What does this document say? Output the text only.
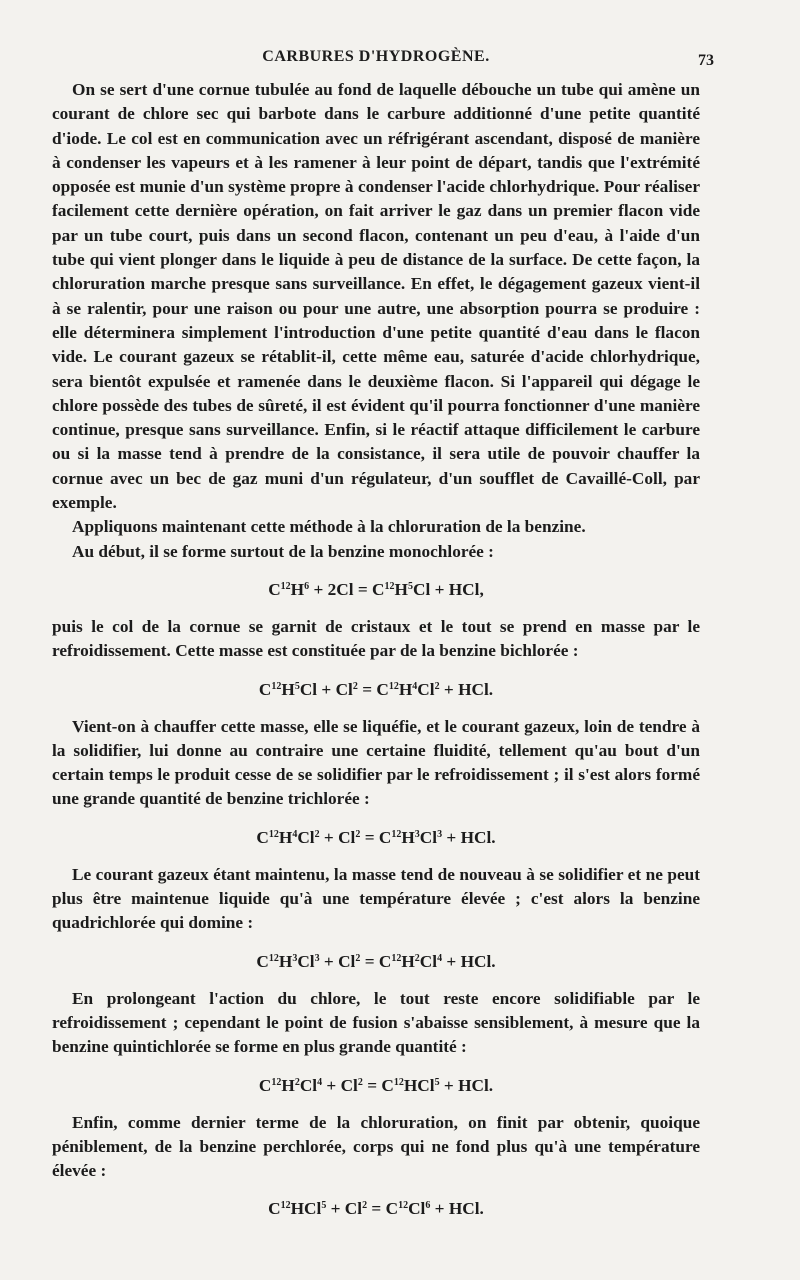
CARBURES D'HYDROGÈNE.	73

On se sert d'une cornue tubulée au fond de laquelle débouche un tube qui amène un courant de chlore sec qui barbote dans le carbure additionné d'une petite quantité d'iode. Le col est en communication avec un réfrigérant ascendant, disposé de manière à condenser les vapeurs et à les ramener à leur point de départ, tandis que l'extrémité opposée est munie d'un système propre à condenser l'acide chlorhydrique. Pour réaliser facilement cette dernière opération, on fait arriver le gaz dans un premier flacon vide par un tube court, puis dans un second flacon, contenant un peu d'eau, à l'aide d'un tube qui vient plonger dans le liquide à peu de distance de la surface. De cette façon, la chloruration marche presque sans surveillance. En effet, le dégagement gazeux vient-il à se ralentir, pour une raison ou pour une autre, une absorption pourra se produire : elle déterminera simplement l'introduction d'une petite quantité d'eau dans le flacon vide. Le courant gazeux se rétablit-il, cette même eau, saturée d'acide chlorhydrique, sera bientôt expulsée et ramenée dans le deuxième flacon. Si l'appareil qui dégage le chlore possède des tubes de sûreté, il est évident qu'il pourra fonctionner d'une manière continue, presque sans surveillance. Enfin, si le réactif attaque difficilement le carbure ou si la masse tend à prendre de la consistance, il sera utile de pouvoir chauffer la cornue avec un bec de gaz muni d'un régulateur, d'un soufflet de Cavaillé-Coll, par exemple.

Appliquons maintenant cette méthode à la chloruration de la benzine.

Au début, il se forme surtout de la benzine monochlorée :

$C^{12}H^6 + 2Cl = C^{12}H^5Cl$ + HCl,

puis le col de la cornue se garnit de cristaux et le tout se prend en masse par le refroidissement. Cette masse est constituée par de la benzine bichlorée :

$C^{12}H^5Cl + Cl^2 = C^{12}H^4Cl^2$ + HCl.

Vient-on à chauffer cette masse, elle se liquéfie, et le courant gazeux, loin de tendre à la solidifier, lui donne au contraire une certaine fluidité, tellement qu'au bout d'un certain temps le produit cesse de se solidifier par le refroidissement ; il s'est alors formé une grande quantité de benzine trichlorée :

$C^{12}H^4Cl^2 + Cl^2 = C^{12}H^3Cl^3$ + HCl.

Le courant gazeux étant maintenu, la masse tend de nouveau à se solidifier et ne peut plus être maintenue liquide qu'à une température élevée ; c'est alors la benzine quadrichlorée qui domine :

$C^{12}H^3Cl^3 + Cl^2 = C^{12}H^2Cl^4$ + HCl.

En prolongeant l'action du chlore, le tout reste encore solidifiable par le refroidissement ; cependant le point de fusion s'abaisse sensiblement, à mesure que la benzine quintichlorée se forme en plus grande quantité :

$C^{12}H^2Cl^4 + Cl^2 = C^{12}HCl^5$ + HCl.

Enfin, comme dernier terme de la chloruration, on finit par obtenir, quoique péniblement, de la benzine perchlorée, corps qui ne fond plus qu'à une température élevée :

$C^{12}HCl^5 + Cl^2 = C^{12}Cl^6$ + HCl.
